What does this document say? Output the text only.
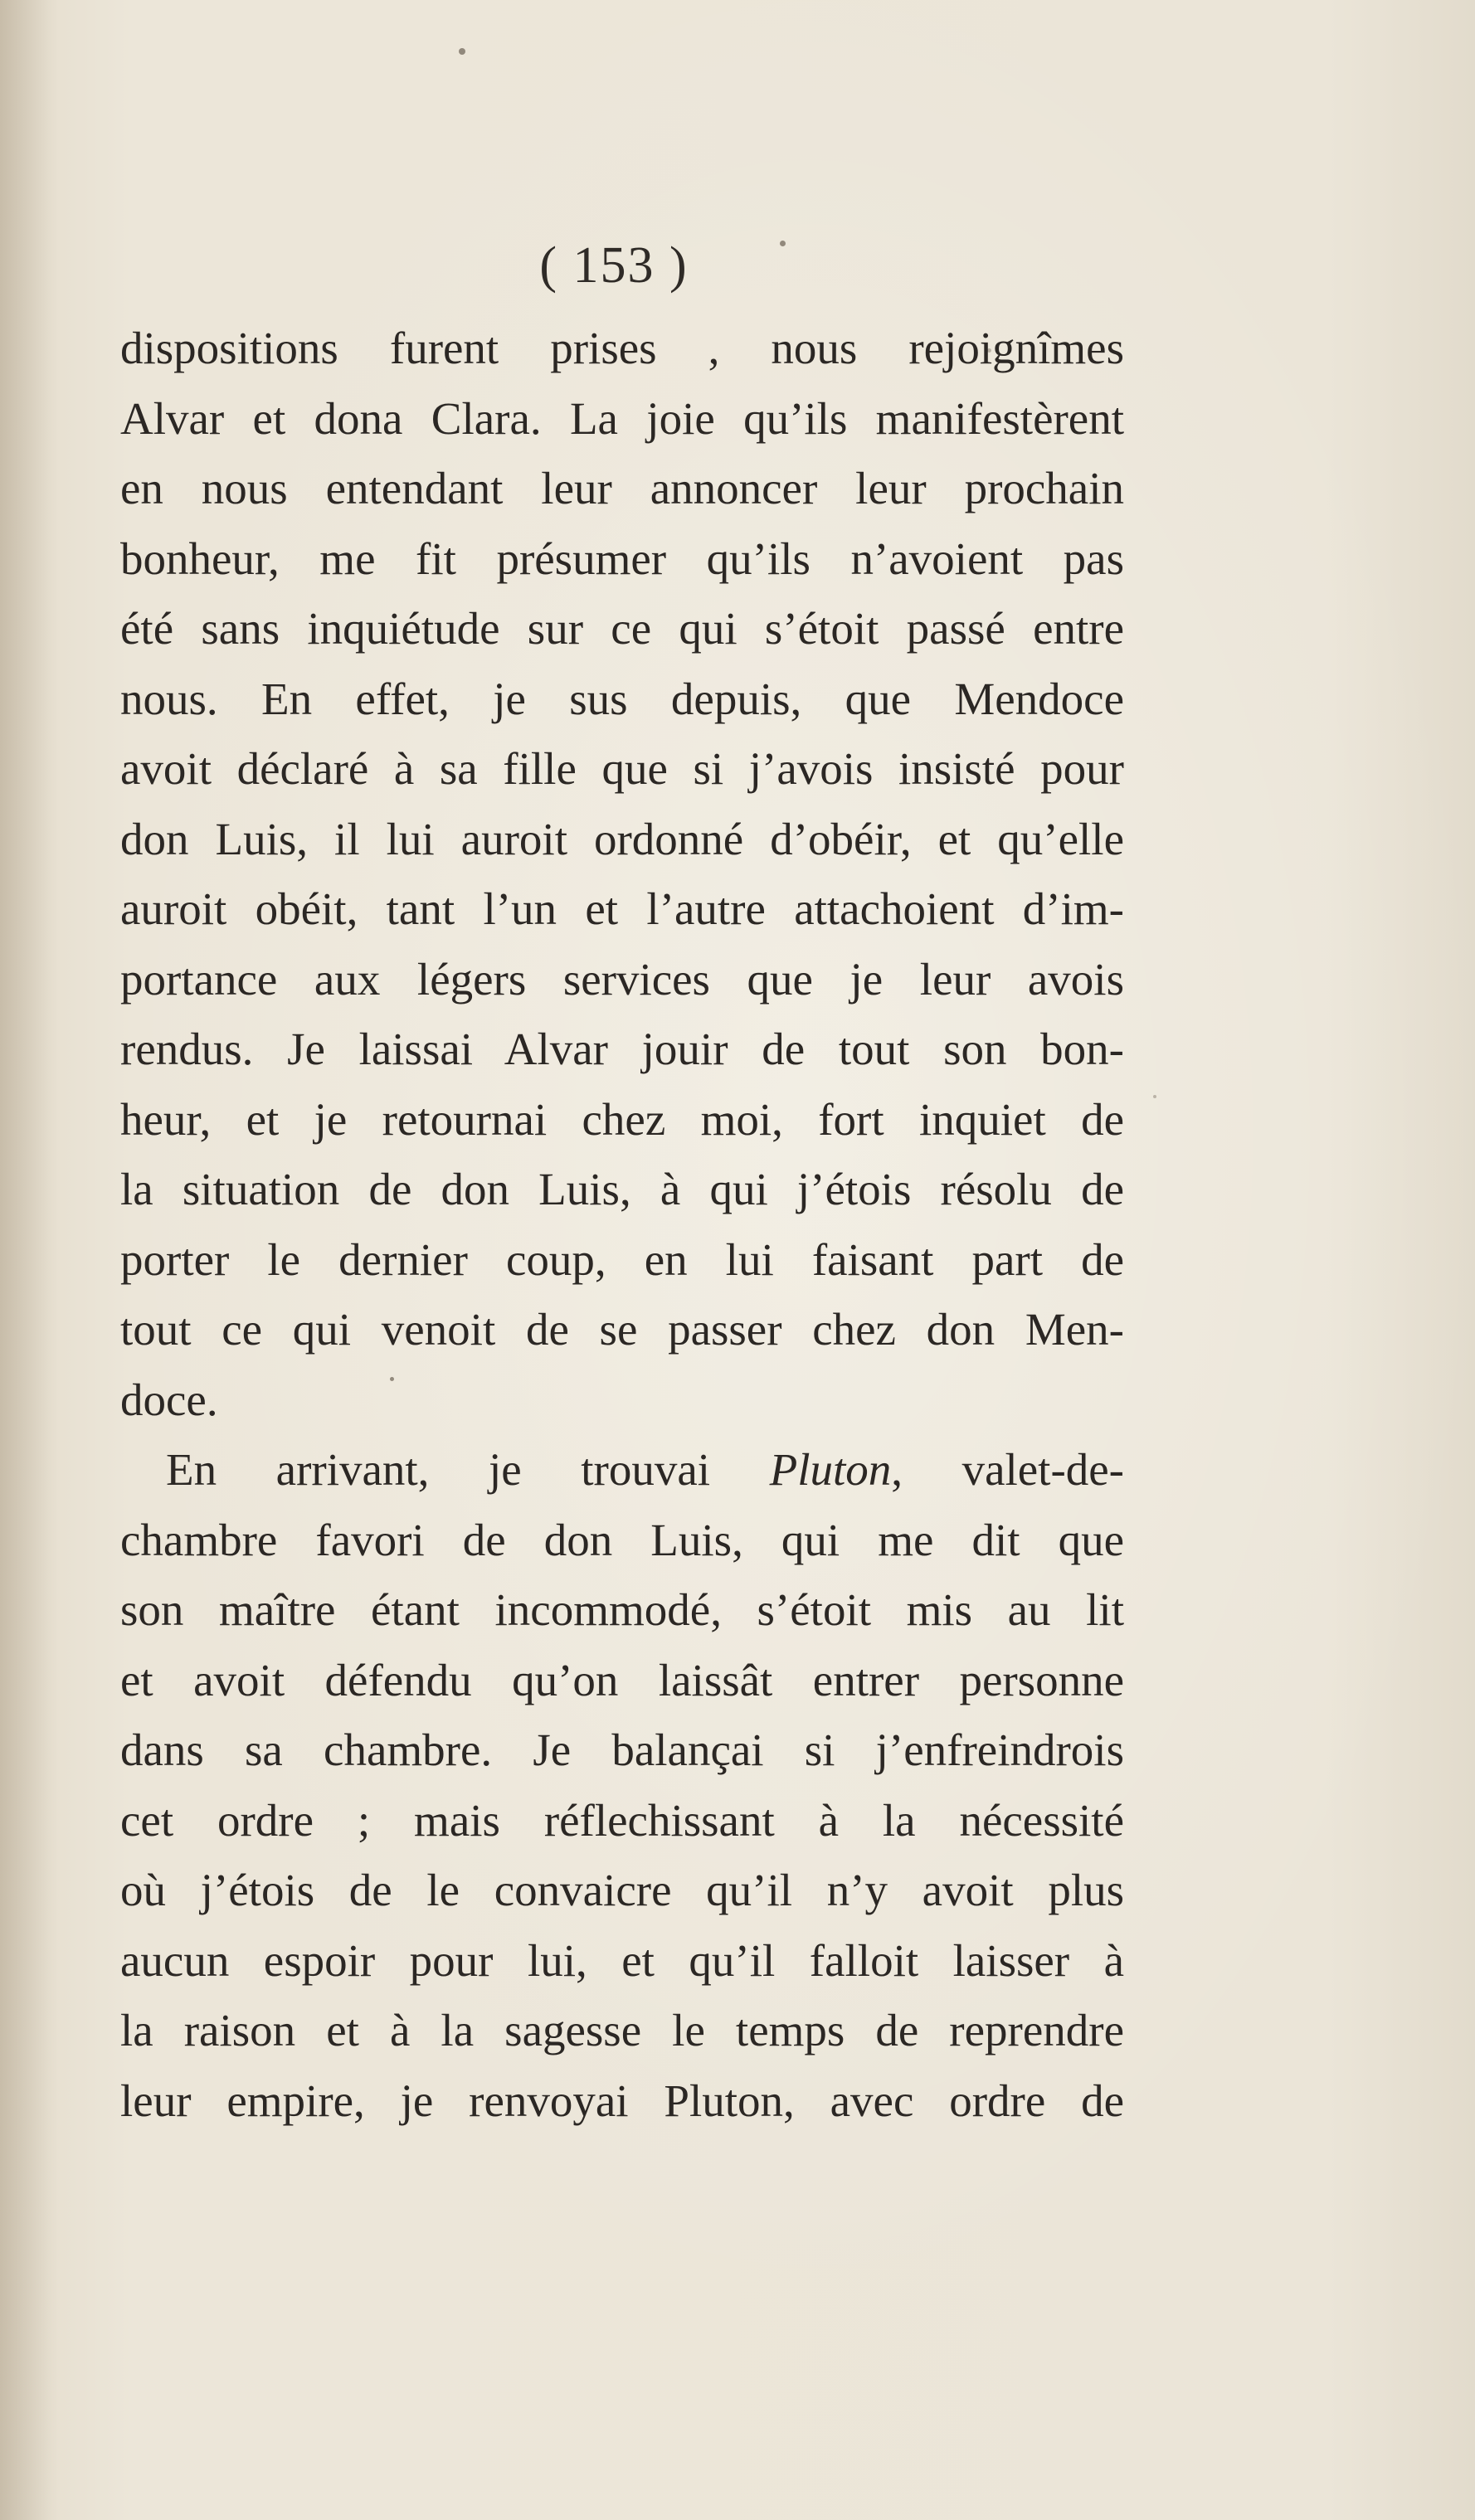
( 153 )
dispositions furent prises , nous rejoignîmes
Alvar et dona Clara. La joie qu’ils manifestèrent
en nous entendant leur annoncer leur prochain
bonheur, me fit présumer qu’ils n’avoient pas
été sans inquiétude sur ce qui s’étoit passé entre
nous. En effet, je sus depuis, que Mendoce
avoit déclaré à sa fille que si j’avois insisté pour
don Luis, il lui auroit ordonné d’obéir, et qu’elle
auroit obéit, tant l’un et l’autre attachoient d’im-
portance aux légers services que je leur avois
rendus. Je laissai Alvar jouir de tout son bon-
heur, et je retournai chez moi, fort inquiet de
la situation de don Luis, à qui j’étois résolu de
porter le dernier coup, en lui faisant part de
tout ce qui venoit de se passer chez don Men-
doce.
En arrivant, je trouvai Pluton, valet-de-
chambre favori de don Luis, qui me dit que
son maître étant incommodé, s’étoit mis au lit
et avoit défendu qu’on laissât entrer personne
dans sa chambre. Je balançai si j’enfreindrois
cet ordre ; mais réflechissant à la nécessité
où j’étois de le convaicre qu’il n’y avoit plus
aucun espoir pour lui, et qu’il falloit laisser à
la raison et à la sagesse le temps de reprendre
leur empire, je renvoyai Pluton, avec ordre de
